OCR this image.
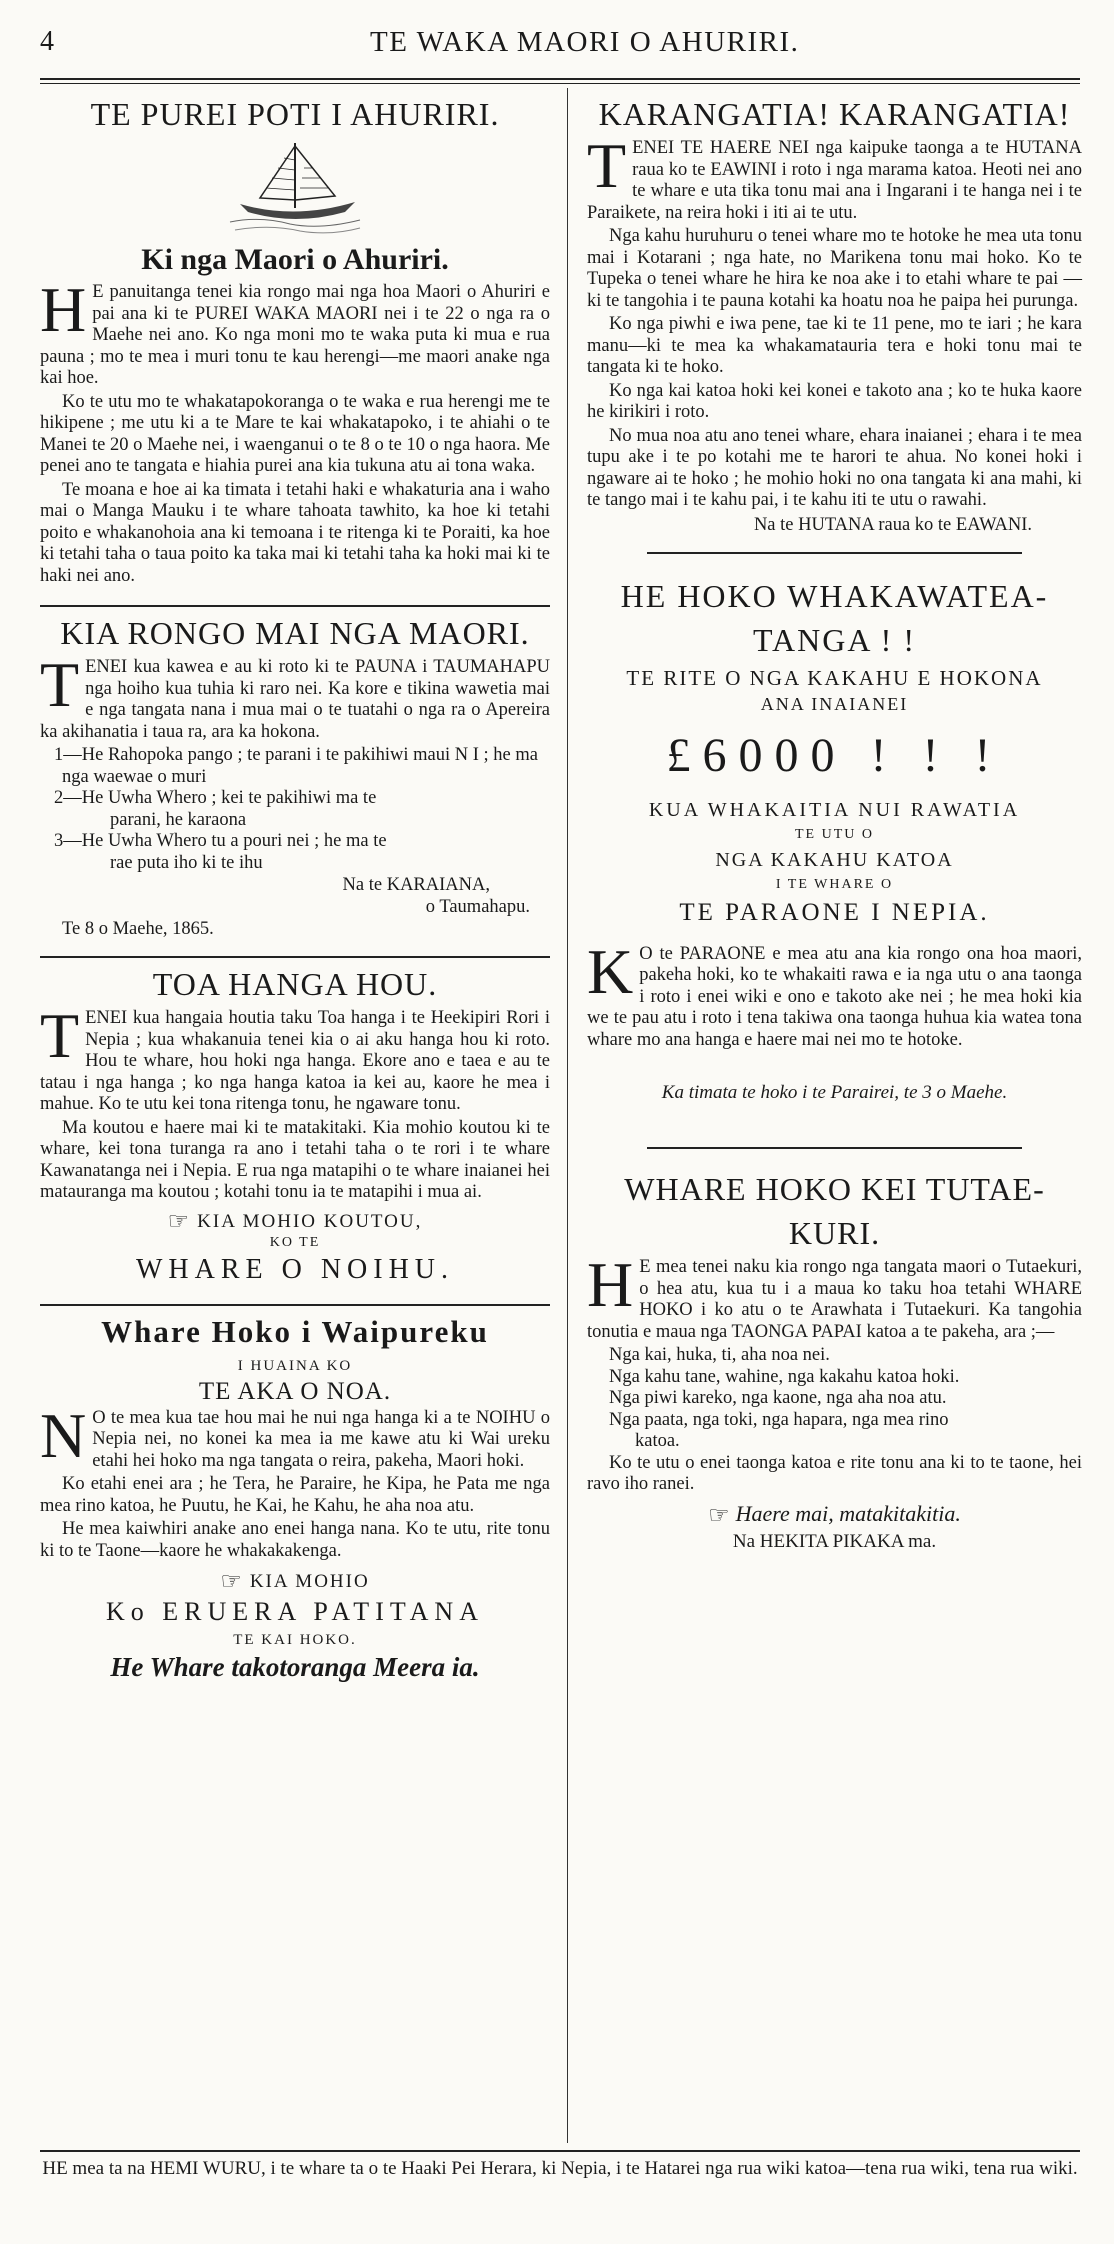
4	TE WAKA MAORI O AHURIRI.
TE PUREI POTI I AHURIRI.
Ki nga Maori o Ahuriri.

HE panuitanga tenei kia rongo mai nga hoa Maori o Ahuriri e pai ana ki te PUREI WAKA MAORI nei i te 22 o nga ra o Maehe nei ano. Ko nga moni mo te waka puta ki mua e rua pauna ; mo te mea i muri tonu te kau herengi—me maori anake nga kai hoe.

Ko te utu mo te whakatapokoranga o te waka e rua herengi me te hikipene ; me utu ki a te Mare te kai whakatapoko, i te ahiahi o te Manei te 20 o Maehe nei, i waenganui o te 8 o te 10 o nga haora. Me penei ano te tangata e hiahia purei ana kia tukuna atu ai tona waka.

Te moana e hoe ai ka timata i tetahi haki e whakaturia ana i waho mai o Manga Mauku i te whare tahoata tawhito, ka hoe ki tetahi poito e whakanohoia ana ki temoana i te ritenga ki te Poraiti, ka hoe ki tetahi taha o taua poito ka taka mai ki tetahi taha ka hoki mai ki te haki nei ano.

KIA RONGO MAI NGA MAORI.

TENEI kua kawea e au ki roto ki te PAUNA i TAUMAHAPU nga hoiho kua tuhia ki raro nei. Ka kore e tikina wawetia mai e nga tangata nana i mua mai o te tuatahi o nga ra o Apereira ka akihanatia i taua ra, ara ka hokona.

1—He Rahopoka pango ; te parani i te pakihiwi maui N I ; he ma nga waewae o muri
2—He Uwha Whero ; kei te pakihiwi ma te
parani, he karaona
3—He Uwha Whero tu a pouri nei ; he ma te
rae puta iho ki te ihu
Na te KARAIANA,
o Taumahapu.
Te 8 o Maehe, 1865.
TOA HANGA HOU.

TENEI kua hangaia houtia taku Toa hanga i te Heekipiri Rori i Nepia ; kua whakanuia tenei kia o ai aku hanga hou ki roto. Hou te whare, hou hoki nga hanga. Ekore ano e taea e au te tatau i nga hanga ; ko nga hanga katoa ia kei au, kaore he mea i mahue. Ko te utu kei tona ritenga tonu, he ngaware tonu.

Ma koutou e haere mai ki te matakitaki. Kia mohio koutou ki te whare, kei tona turanga ra ano i tetahi taha o te rori i te whare Kawanatanga nei i Nepia. E rua nga matapihi o te whare inaianei hei matauranga ma koutou ; kotahi tonu ia te matapihi i mua ai.

☞ KIA MOHIO KOUTOU,
KO TE
WHARE O NOIHU.
Whare Hoko i Waipureku
I HUAINA KO
TE AKA O NOA.

NO te mea kua tae hou mai he nui nga hanga ki a te NOIHU o Nepia nei, no konei ka mea ia me kawe atu ki Wai ureku etahi hei hoko ma nga tangata o reira, pakeha, Maori hoki.

Ko etahi enei ara ; he Tera, he Paraire, he Kipa, he Pata me nga mea rino katoa, he Puutu, he Kai, he Kahu, he aha noa atu.

He mea kaiwhiri anake ano enei hanga nana. Ko te utu, rite tonu ki to te Taone—kaore he whakakakenga.

☞ KIA MOHIO
Ko ERUERA PATITANA
TE KAI HOKO.
He Whare takotoranga Meera ia.
KARANGATIA! KARANGATIA!

TENEI TE HAERE NEI nga kaipuke taonga a te HUTANA raua ko te EAWINI i roto i nga marama katoa. Heoti nei ano te whare e uta tika tonu mai ana i Ingarani i te hanga nei i te Paraikete, na reira hoki i iti ai te utu.

Nga kahu huruhuru o tenei whare mo te hotoke he mea uta tonu mai i Kotarani ; nga hate, no Marikena tonu mai hoko. Ko te Tupeka o tenei whare he hira ke noa ake i to etahi whare te pai —ki te tangohia i te pauna kotahi ka hoatu noa he paipa hei purunga.

Ko nga piwhi e iwa pene, tae ki te 11 pene, mo te iari ; he kara manu—ki te mea ka whakamatauria tera e hoki tonu mai te tangata ki te hoko.

Ko nga kai katoa hoki kei konei e takoto ana ; ko te huka kaore he kirikiri i roto.

No mua noa atu ano tenei whare, ehara inaianei ; ehara i te mea tupu ake i te po kotahi me te harori te ahua. No konei hoki i ngaware ai te hoko ; he mohio hoki no ona tangata ki ana mahi, ki te tango mai i te kahu pai, i te kahu iti te utu o rawahi.

Na te HUTANA raua ko te EAWANI.
HE HOKO WHAKAWATEA-
TANGA ! !
TE RITE O NGA KAKAHU E HOKONA
ANA INAIANEI
£6000 ! ! !
KUA WHAKAITIA NUI RAWATIA
TE UTU O
NGA KAKAHU KATOA
I TE WHARE O
TE PARAONE I NEPIA.

KO te PARAONE e mea atu ana kia rongo ona hoa maori, pakeha hoki, ko te whakaiti rawa e ia nga utu o ana taonga i roto i enei wiki e ono e takoto ake nei ; he mea hoki kia we te pau atu i roto i tena takiwa ona taonga huhua kia watea tona whare mo ana hanga e haere mai nei mo te hotoke.

Ka timata te hoko i te Parairei, te 3 o Maehe.
WHARE HOKO KEI TUTAE-
KURI.

HE mea tenei naku kia rongo nga tangata maori o Tutaekuri, o hea atu, kua tu i a maua ko taku hoa tetahi WHARE HOKO i ko atu o te Arawhata i Tutaekuri. Ka tangohia tonutia e maua nga TAONGA PAPAI katoa a te pakeha, ara ;—

Nga kai, huka, ti, aha noa nei.
Nga kahu tane, wahine, nga kakahu katoa hoki.
Nga piwi kareko, nga kaone, nga aha noa atu.
Nga paata, nga toki, nga hapara, nga mea rino
katoa.

Ko te utu o enei taonga katoa e rite tonu ana ki to te taone, hei ravo iho ranei.

☞ Haere mai, matakitakitia.
Na HEKITA PIKAKA ma.
HE mea ta na HEMI WURU, i te whare ta o te Haaki Pei Herara, ki Nepia, i te Hatarei nga rua wiki katoa—tena rua wiki, tena rua wiki.
